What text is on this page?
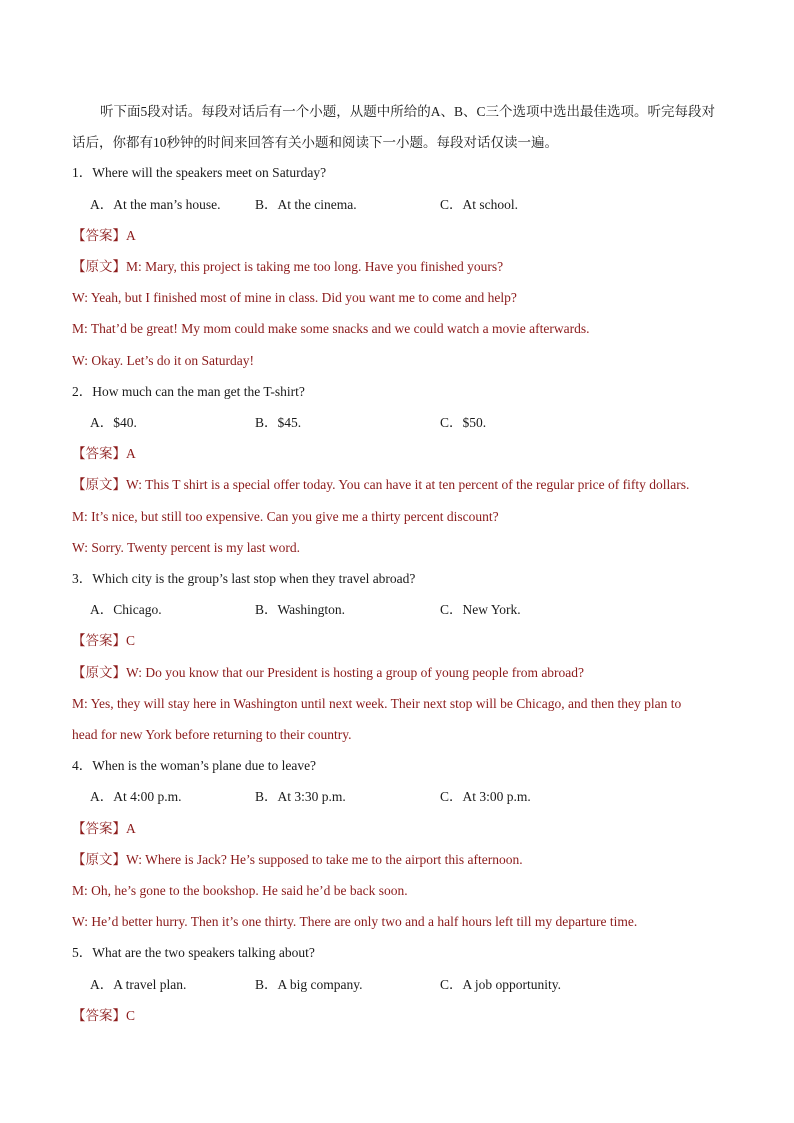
听下面5段对话。每段对话后有一个小题，从题中所给的A、B、C三个选项中选出最佳选项。听完每段对话后，你都有10秒钟的时间来回答有关小题和阅读下一小题。每段对话仅读一遍。
1．Where will the speakers meet on Saturday?
A．At the man’s house.	B．At the cinema.	C．At school.
【答案】A
【原文】M: Mary, this project is taking me too long. Have you finished yours?
W: Yeah, but I finished most of mine in class. Did you want me to come and help?
M: That’d be great! My mom could make some snacks and we could watch a movie afterwards.
W: Okay. Let’s do it on Saturday!
2．How much can the man get the T-shirt?
A．$40.	B．$45.	C．$50.
【答案】A
【原文】W: This T shirt is a special offer today. You can have it at ten percent of the regular price of fifty dollars.
M: It’s nice, but still too expensive. Can you give me a thirty percent discount?
W: Sorry. Twenty percent is my last word.
3．Which city is the group’s last stop when they travel abroad?
A．Chicago.	B．Washington.	C．New York.
【答案】C
【原文】W: Do you know that our President is hosting a group of young people from abroad?
M: Yes, they will stay here in Washington until next week. Their next stop will be Chicago, and then they plan to
head for new York before returning to their country.
4．When is the woman’s plane due to leave?
A．At 4:00 p.m.	B．At 3:30 p.m.	C．At 3:00 p.m.
【答案】A
【原文】W: Where is Jack? He’s supposed to take me to the airport this afternoon.
M: Oh, he’s gone to the bookshop. He said he’d be back soon.
W: He’d better hurry. Then it’s one thirty. There are only two and a half hours left till my departure time.
5．What are the two speakers talking about?
A．A travel plan.	B．A big company.	C．A job opportunity.
【答案】C
